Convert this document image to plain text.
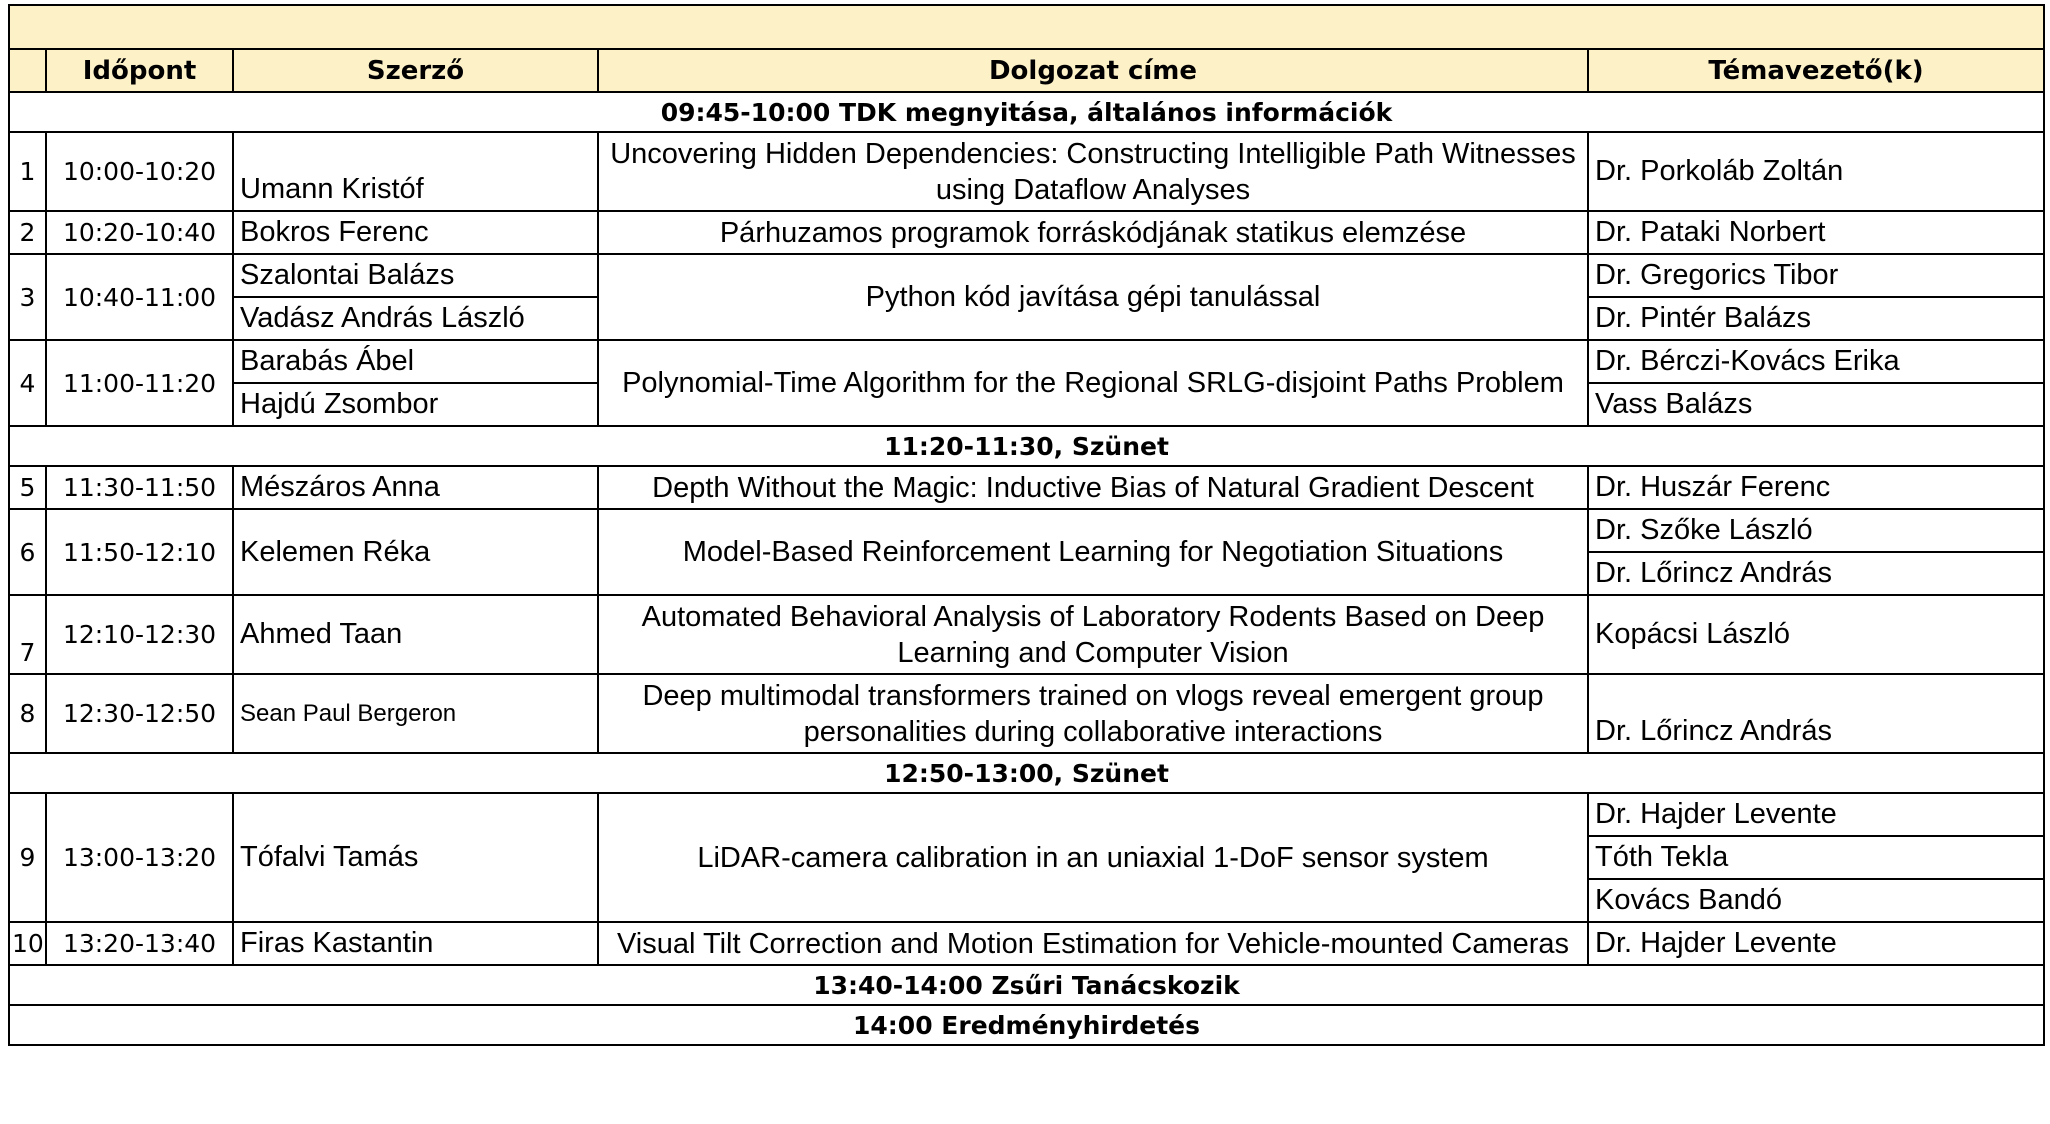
	Időpont	Szerző	Dolgozat címe	Témavezető(k)
09:45-10:00 TDK megnyitása, általános információk				
1	10:00-10:20	Umann Kristóf	Uncovering Hidden Dependencies: Constructing Intelligible Path Witnesses using Dataflow Analyses	Dr. Porkoláb Zoltán
2	10:20-10:40	Bokros Ferenc	Párhuzamos programok forráskódjának statikus elemzése	Dr. Pataki Norbert
3	10:40-11:00	Szalontai Balázs	Python kód javítása gépi tanulással	Dr. Gregorics Tibor
		Vadász András László		Dr. Pintér Balázs
4	11:00-11:20	Barabás Ábel	Polynomial-Time Algorithm for the Regional SRLG-disjoint Paths Problem	Dr. Bérczi-Kovács Erika
		Hajdú Zsombor		Vass Balázs
11:20-11:30, Szünet				
5	11:30-11:50	Mészáros Anna	Depth Without the Magic: Inductive Bias of Natural Gradient Descent	Dr. Huszár Ferenc
6	11:50-12:10	Kelemen Réka	Model-Based Reinforcement Learning for Negotiation Situations	Dr. Szőke László
				Dr. Lőrincz András
7	12:10-12:30	Ahmed Taan	Automated Behavioral Analysis of Laboratory Rodents Based on Deep Learning and Computer Vision	Kopácsi László
8	12:30-12:50	Sean Paul Bergeron	Deep multimodal transformers trained on vlogs reveal emergent group personalities during collaborative interactions	Dr. Lőrincz András
12:50-13:00, Szünet				
9	13:00-13:20	Tófalvi Tamás	LiDAR-camera calibration in an uniaxial 1-DoF sensor system	Dr. Hajder Levente
				Tóth Tekla
				Kovács Bandó
10	13:20-13:40	Firas Kastantin	Visual Tilt Correction and Motion Estimation for Vehicle-mounted Cameras	Dr. Hajder Levente
13:40-14:00 Zsűri Tanácskozik				
14:00 Eredményhirdetés				
